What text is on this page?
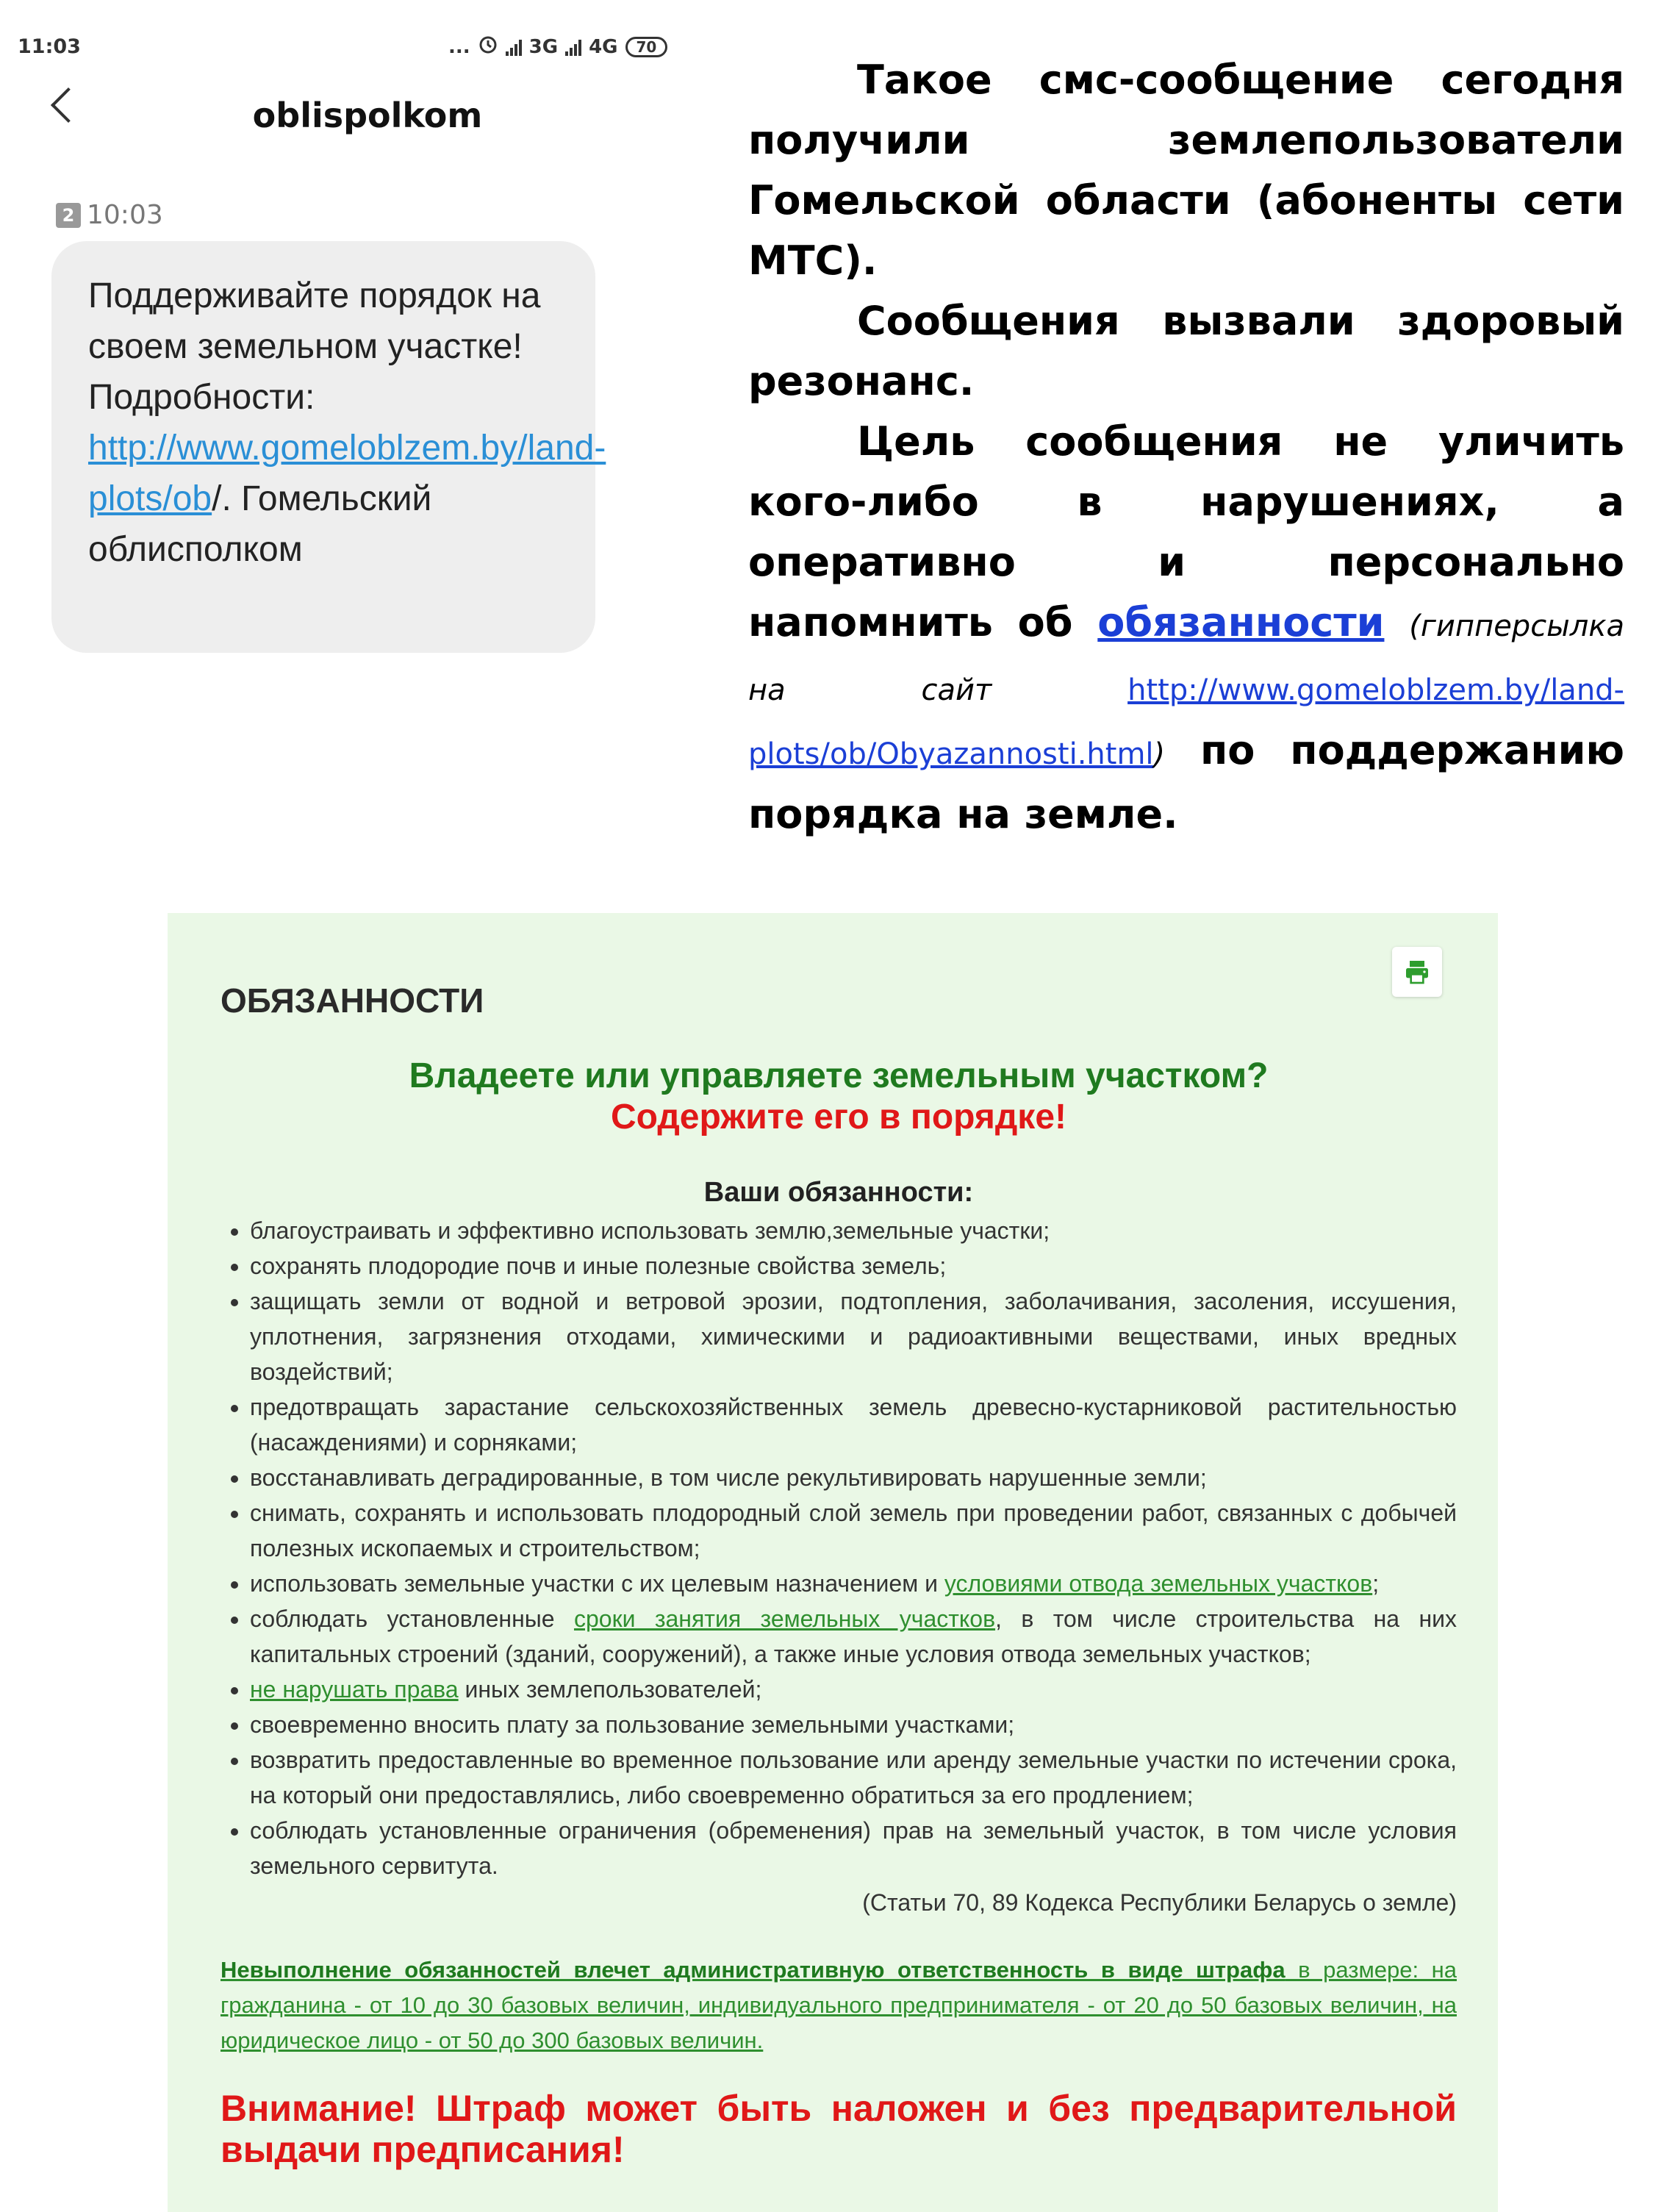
11:03	...	3G 4G	70
oblispolkom
2 10:03

Поддерживайте порядок на своем земельном участке! Подробности: http://www.gomeloblzem.by/land-plots/ob/. Гомельский облисполком

Такое смс-сообщение сегодня получили землепользователи Гомельской области (абоненты сети МТС).

Сообщения вызвали здоровый резонанс.

Цель сообщения не уличить кого-либо в нарушениях, а оперативно и персонально напомнить об обязанности (гипперсылка на сайт http://www.gomeloblzem.by/land-plots/ob/Obyazannosti.html) по поддержанию порядка на земле.

ОБЯЗАННОСТИ
Владеете или управляете земельным участком?
Содержите его в порядке!
Ваши обязанности:
• благоустраивать и эффективно использовать землю,земельные участки;
• сохранять плодородие почв и иные полезные свойства земель;
• защищать земли от водной и ветровой эрозии, подтопления, заболачивания, засоления, иссушения, уплотнения, загрязнения отходами, химическими и радиоактивными веществами, иных вредных воздействий;
• предотвращать зарастание сельскохозяйственных земель древесно-кустарниковой растительностью (насаждениями) и сорняками;
• восстанавливать деградированные, в том числе рекультивировать нарушенные земли;
• снимать, сохранять и использовать плодородный слой земель при проведении работ, связанных с добычей полезных ископаемых и строительством;
• использовать земельные участки с их целевым назначением и условиями отвода земельных участков;
• соблюдать установленные сроки занятия земельных участков, в том числе строительства на них капитальных строений (зданий, сооружений), а также иные условия отвода земельных участков;
• не нарушать права иных землепользователей;
• своевременно вносить плату за пользование земельными участками;
• возвратить предоставленные во временное пользование или аренду земельные участки по истечении срока, на который они предоставлялись, либо своевременно обратиться за его продлением;
• соблюдать установленные ограничения (обременения) прав на земельный участок, в том числе условия земельного сервитута.
(Статьи 70, 89 Кодекса Республики Беларусь о земле)
Невыполнение обязанностей влечет административную ответственность в виде штрафа в размере: на гражданина - от 10 до 30 базовых величин, индивидуального предпринимателя - от 20 до 50 базовых величин, на юридическое лицо - от 50 до 300 базовых величин.
Внимание! Штраф может быть наложен и без предварительной выдачи предписания!
